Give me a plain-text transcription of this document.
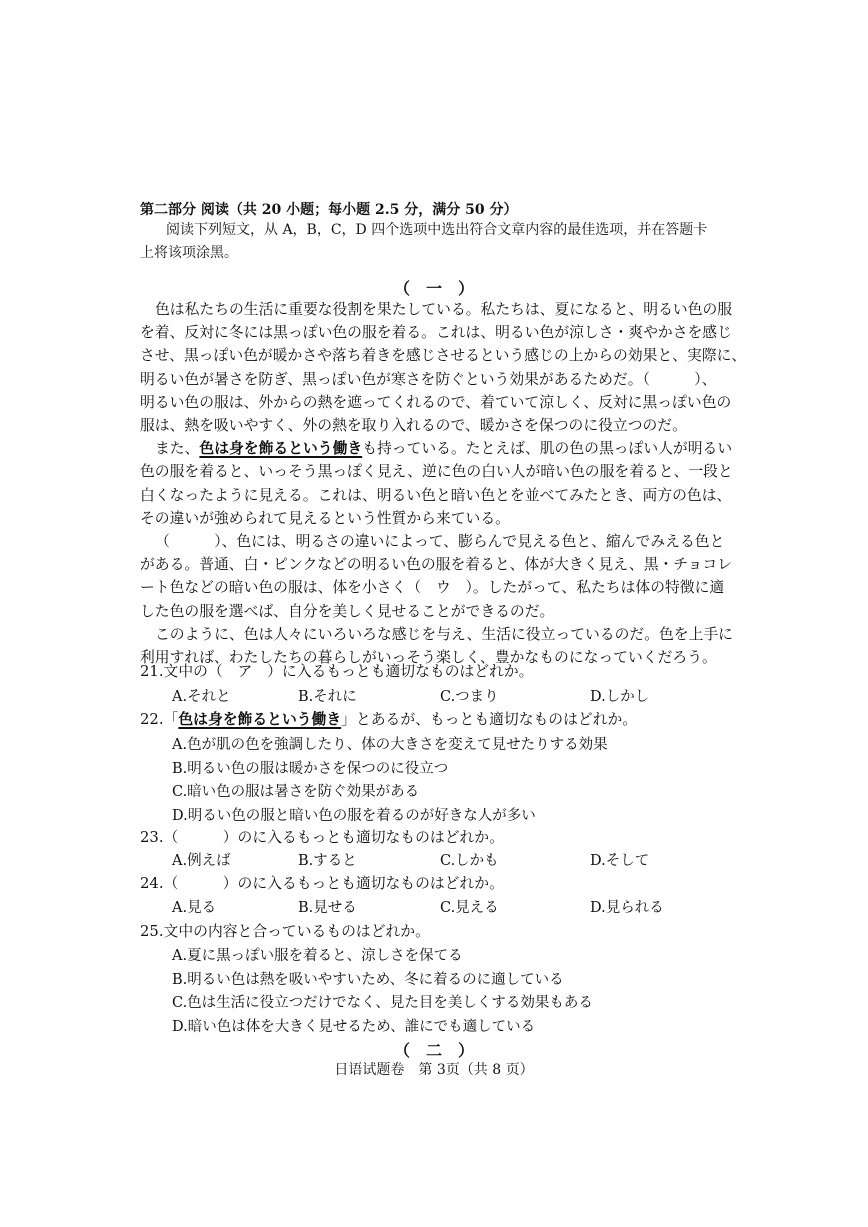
第二部分 阅读（共 20 小题；每小题 2.5 分，满分 50 分）
阅读下列短文，从 A，B，C，D 四个选项中选出符合文章内容的最佳选项，并在答题卡
上将该项涂黑。
（　一　）
色は私たちの生活に重要な役割を果たしている。私たちは、夏になると、明るい色の服
を着、反対に冬には黒っぽい色の服を着る。これは、明るい色が涼しさ・爽やかさを感じ
させ、黒っぽい色が暖かさや落ち着きを感じさせるという感じの上からの効果と、実際に、
明るい色が暑さを防ぎ、黒っぽい色が寒さを防ぐという効果があるためだ。（　　　）、
明るい色の服は、外からの熱を遮ってくれるので、着ていて涼しく、反対に黒っぽい色の
服は、熱を吸いやすく、外の熱を取り入れるので、暖かさを保つのに役立つのだ。
また、色は身を飾るという働きも持っている。たとえば、肌の色の黒っぽい人が明るい
色の服を着ると、いっそう黒っぽく見え、逆に色の白い人が暗い色の服を着ると、一段と
白くなったように見える。これは、明るい色と暗い色とを並べてみたとき、両方の色は、
その違いが強められて見えるという性質から来ている。
（　　　）、色には、明るさの違いによって、膨らんで見える色と、縮んでみえる色と
がある。普通、白・ピンクなどの明るい色の服を着ると、体が大きく見え、黒・チョコレ
ート色などの暗い色の服は、体を小さく（　ウ　）。したがって、私たちは体の特徴に適
した色の服を選べば、自分を美しく見せることができるのだ。
このように、色は人々にいろいろな感じを与え、生活に役立っているのだ。色を上手に
利用すれば、わたしたちの暮らしがいっそう楽しく、豊かなものになっていくだろう。
21.文中の（　ア　）に入るもっとも適切なものはどれか。
A.それと	B.それに	C.つまり	D.しかし
22.「色は身を飾るという働き」とあるが、もっとも適切なものはどれか。
A.色が肌の色を強調したり、体の大きさを変えて見せたりする効果
B.明るい色の服は暖かさを保つのに役立つ
C.暗い色の服は暑さを防ぐ効果がある
D.明るい色の服と暗い色の服を着るのが好きな人が多い
23.（　　　）のに入るもっとも適切なものはどれか。
A.例えば	B.すると	C.しかも	D.そして
24.（　　　）のに入るもっとも適切なものはどれか。
A.見る	B.見せる	C.見える	D.見られる
25.文中の内容と合っているものはどれか。
A.夏に黒っぽい服を着ると、涼しさを保てる
B.明るい色は熱を吸いやすいため、冬に着るのに適している
C.色は生活に役立つだけでなく、見た目を美しくする効果もある
D.暗い色は体を大きく見せるため、誰にでも適している
（　二　）
日语试题卷　第 3页（共 8 页）
